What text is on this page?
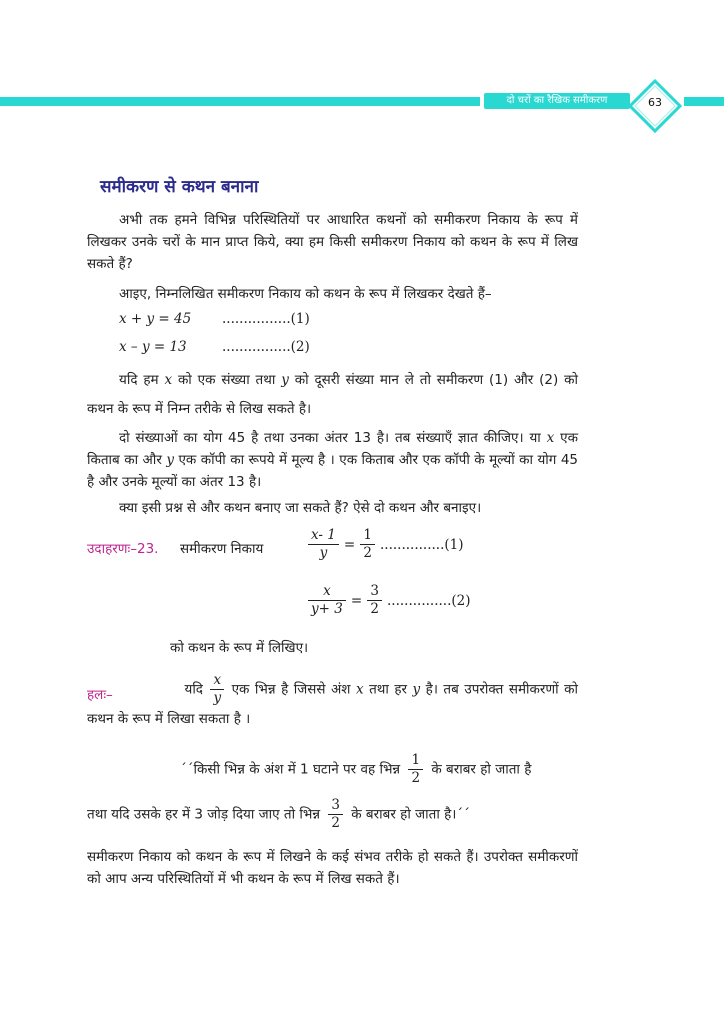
दो चरों का रैखिक समीकरण	63
समीकरण से कथन बनाना
अभी तक हमने विभिन्न परिस्थितियों पर आधारित कथनों को समीकरण निकाय के रूप में लिखकर उनके चरों के मान प्राप्त किये, क्या हम किसी समीकरण निकाय को कथन के रूप में लिख सकते हैं?
आइए, निम्नलिखित समीकरण निकाय को कथन के रूप में लिखकर देखते हैं–
x + y = 45 ................(1)
x – y = 13	................(2)
यदि हम x को एक संख्या तथा y को दूसरी संख्या मान ले तो समीकरण (1) और (2) को कथन के रूप में निम्न तरीके से लिख सकते है।
दो संख्याओं का योग 45 है तथा उनका अंतर 13 है। तब संख्याएँ ज्ञात कीजिए। या x एक किताब का और y एक कॉपी का रूपये में मूल्य है । एक किताब और एक कॉपी के मूल्यों का योग 45 है और उनके मूल्यों का अंतर 13 है।
क्या इसी प्रश्न से और कथन बनाए जा सकते हैं? ऐसे दो कथन और बनाइए।
उदाहरणः–23. समीकरण निकाय	$\frac{x- 1}{y} = \frac{1}{2} ...............(1)$
$\frac{x}{y+ 3} = \frac{3}{2} ...............(2)$
को कथन के रूप में लिखिए।
हलः–	यदि $\frac{x}{y}$ एक भिन्न है जिससे अंश x तथा हर y है। तब उपरोक्त समीकरणों को कथन के रूप में लिखा सकता है ।
´´किसी भिन्न के अंश में 1 घटाने पर वह भिन्न $\frac{1}{2}$ के बराबर हो जाता है
तथा यदि उसके हर में 3 जोड़ दिया जाए तो भिन्न $\frac{3}{2}$ के बराबर हो जाता है।´´
समीकरण निकाय को कथन के रूप में लिखने के कई संभव तरीके हो सकते हैं। उपरोक्त समीकरणों को आप अन्य परिस्थितियों में भी कथन के रूप में लिख सकते हैं।
